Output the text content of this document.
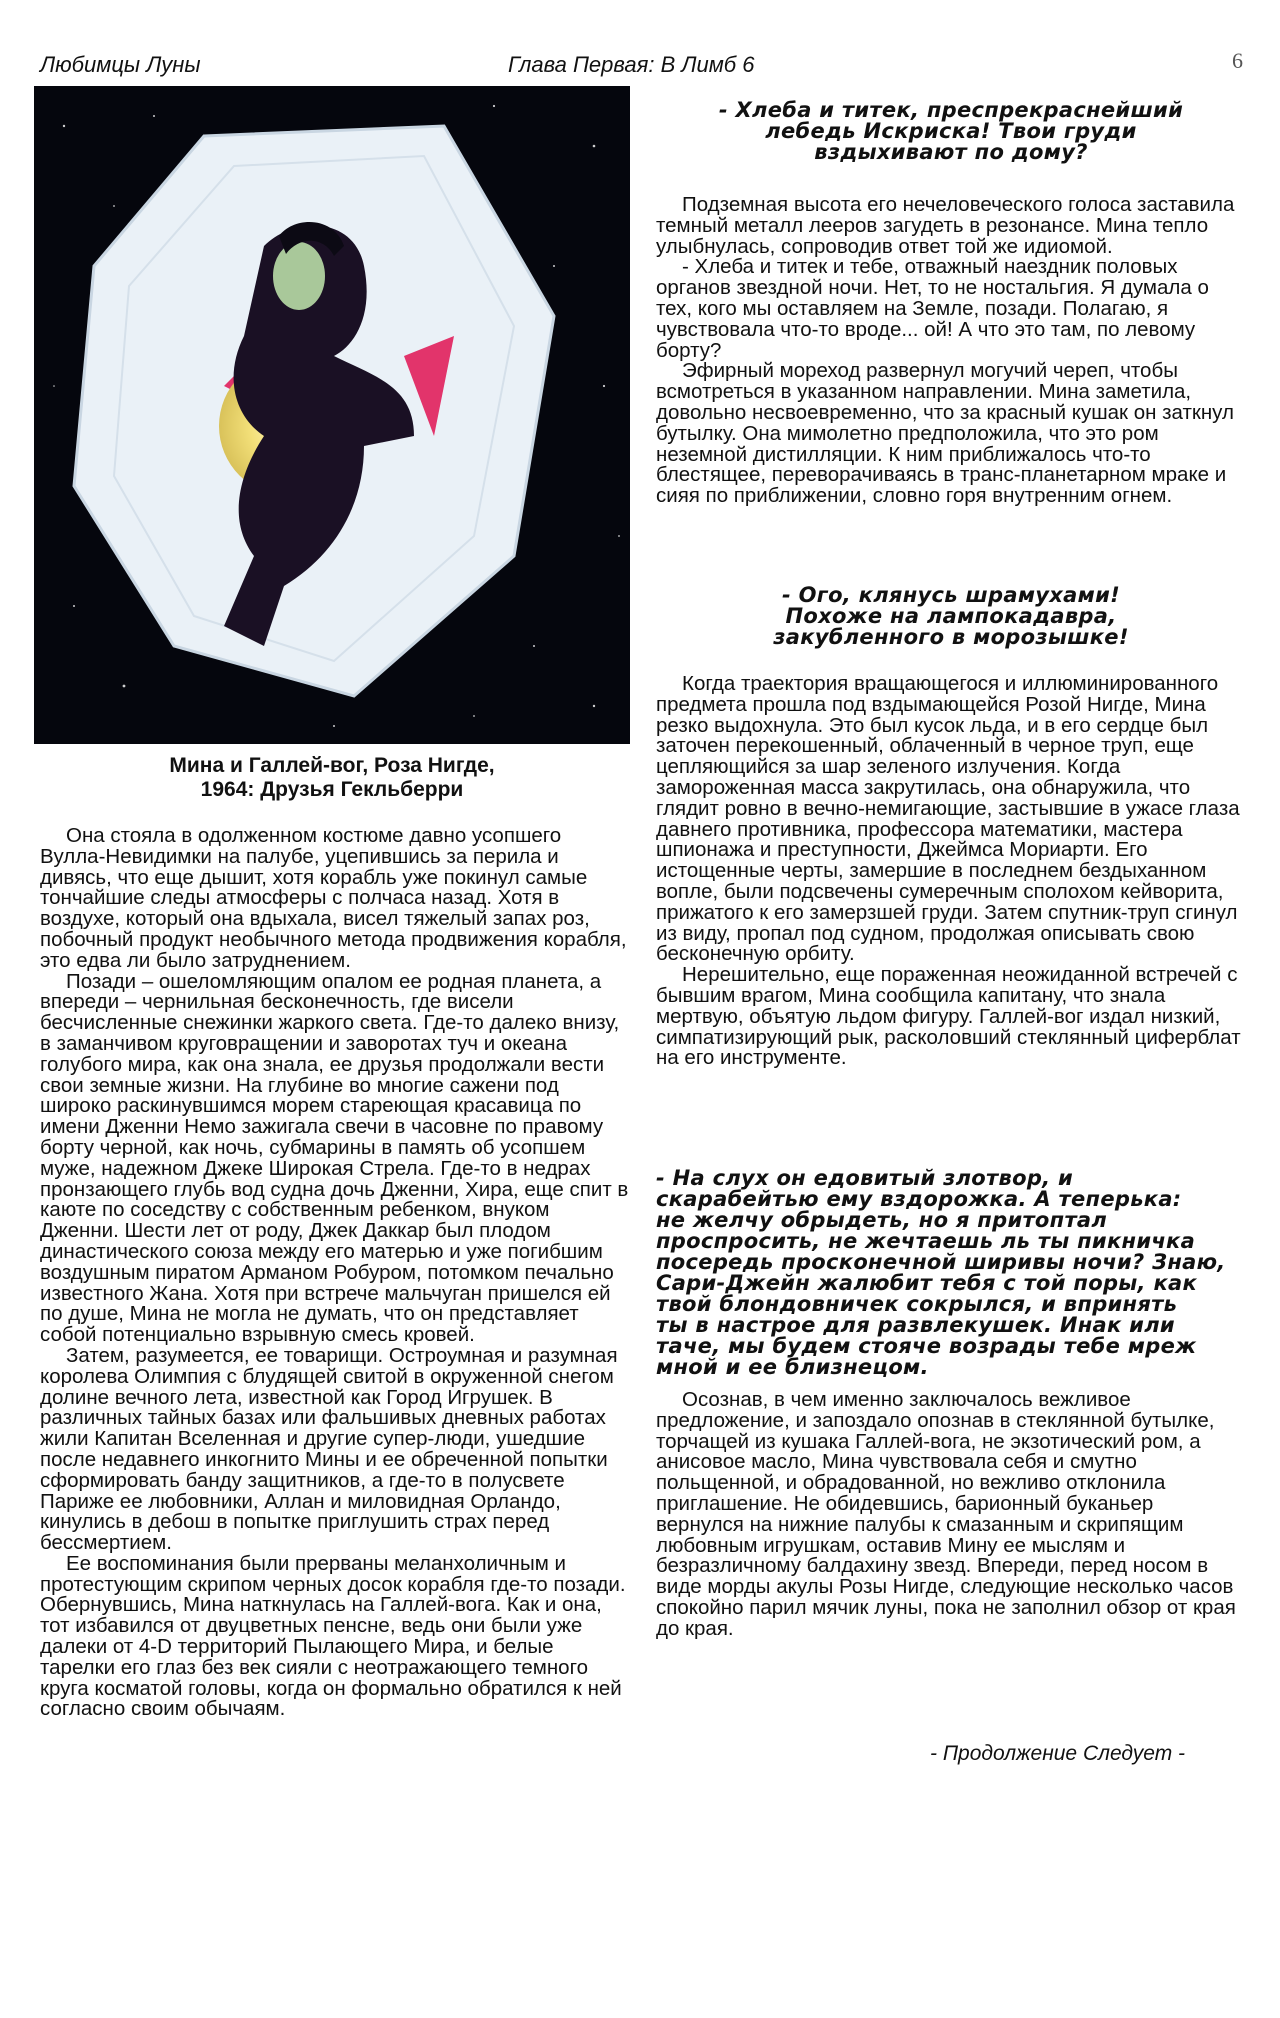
Любимцы Луны	Глава Первая: В Лимб 6	6
Мина и Галлей-вог, Роза Нигде,
1964: Друзья Гекльберри

Она стояла в одолженном костюме давно усопшего Вулла-Невидимки на палубе, уцепившись за перила и дивясь, что еще дышит, хотя корабль уже покинул самые тончайшие следы атмосферы с полчаса назад. Хотя в воздухе, который она вдыхала, висел тяжелый запах роз, побочный продукт необычного метода продвижения корабля, это едва ли было затруднением.

Позади – ошеломляющим опалом ее родная планета, а впереди – чернильная бесконечность, где висели бесчисленные снежинки жаркого света. Где-то далеко внизу, в заманчивом круговращении и заворотах туч и океана голубого мира, как она знала, ее друзья продолжали вести свои земные жизни. На глубине во многие сажени под широко раскинувшимся морем стареющая красавица по имени Дженни Немо зажигала свечи в часовне по правому борту черной, как ночь, субмарины в память об усопшем муже, надежном Джеке Широкая Стрела. Где-то в недрах пронзающего глубь вод судна дочь Дженни, Хира, еще спит в каюте по соседству с собственным ребенком, внуком Дженни. Шести лет от роду, Джек Даккар был плодом династического союза между его матерью и уже погибшим воздушным пиратом Арманом Робуром, потомком печально известного Жана. Хотя при встрече мальчуган пришелся ей по душе, Мина не могла не думать, что он представляет собой потенциально взрывную смесь кровей.

Затем, разумеется, ее товарищи. Остроумная и разумная королева Олимпия с блудящей свитой в окруженной снегом долине вечного лета, известной как Город Игрушек. В различных тайных базах или фальшивых дневных работах жили Капитан Вселенная и другие супер-люди, ушедшие после недавнего инкогнито Мины и ее обреченной попытки сформировать банду защитников, а где-то в полусвете Париже ее любовники, Аллан и миловидная Орландо, кинулись в дебош в попытке приглушить страх перед бессмертием.

Ее воспоминания были прерваны меланхоличным и протестующим скрипом черных досок корабля где-то позади. Обернувшись, Мина наткнулась на Галлей-вога. Как и она, тот избавился от двуцветных пенсне, ведь они были уже далеки от 4-D территорий Пылающего Мира, и белые тарелки его глаз без век сияли с неотражающего темного круга косматой головы, когда он формально обратился к ней согласно своим обычаям.

- Хлеба и титек, преспрекраснейший
лебедь Искриска! Твои груди
вздыхивают по дому?

Подземная высота его нечеловеческого голоса заставила темный металл лееров загудеть в резонансе. Мина тепло улыбнулась, сопроводив ответ той же идиомой.

- Хлеба и титек и тебе, отважный наездник половых органов звездной ночи. Нет, то не ностальгия. Я думала о тех, кого мы оставляем на Земле, позади. Полагаю, я чувствовала что-то вроде... ой! А что это там, по левому борту?

Эфирный мореход развернул могучий череп, чтобы всмотреться в указанном направлении. Мина заметила, довольно несвоевременно, что за красный кушак он заткнул бутылку. Она мимолетно предположила, что это ром неземной дистилляции. К ним приближалось что-то блестящее, переворачиваясь в транс-планетарном мраке и сияя по приближении, словно горя внутренним огнем.

- Ого, клянусь шрамухами!
Похоже на лампокадавра,
закубленного в морозышке!

Когда траектория вращающегося и иллюминированного предмета прошла под вздымающейся Розой Нигде, Мина резко выдохнула. Это был кусок льда, и в его сердце был заточен перекошенный, облаченный в черное труп, еще цепляющийся за шар зеленого излучения. Когда замороженная масса закрутилась, она обнаружила, что глядит ровно в вечно-немигающие, застывшие в ужасе глаза давнего противника, профессора математики, мастера шпионажа и преступности, Джеймса Мориарти. Его истощенные черты, замершие в последнем бездыханном вопле, были подсвечены сумеречным сполохом кейворита, прижатого к его замерзшей груди. Затем спутник-труп сгинул из виду, пропал под судном, продолжая описывать свою бесконечную орбиту.

Нерешительно, еще пораженная неожиданной встречей с бывшим врагом, Мина сообщила капитану, что знала мертвую, объятую льдом фигуру. Галлей-вог издал низкий, симпатизирующий рык, расколовший стеклянный циферблат на его инструменте.

- На слух он едовитый злотвор, и
скарабейтью ему вздорожка. А теперька:
не желчу обрыдеть, но я притоптал
проспросить, не жечтаешь ль ты пикничка
посередь просконечной ширивы ночи? Знаю,
Сари-Джейн жалюбит тебя с той поры, как
твой блондовничек сокрылся, и впринять
ты в настрое для развлекушек. Инак или
таче, мы будем стояче возрады тебе мреж
мной и ее близнецом.

Осознав, в чем именно заключалось вежливое предложение, и запоздало опознав в стеклянной бутылке, торчащей из кушака Галлей-вога, не экзотический ром, а анисовое масло, Мина чувствовала себя и смутно польщенной, и обрадованной, но вежливо отклонила приглашение. Не обидевшись, барионный буканьер вернулся на нижние палубы к смазанным и скрипящим любовным игрушкам, оставив Мину ее мыслям и безразличному балдахину звезд. Впереди, перед носом в виде морды акулы Розы Нигде, следующие несколько часов спокойно парил мячик луны, пока не заполнил обзор от края до края.

- Продолжение Следует -
